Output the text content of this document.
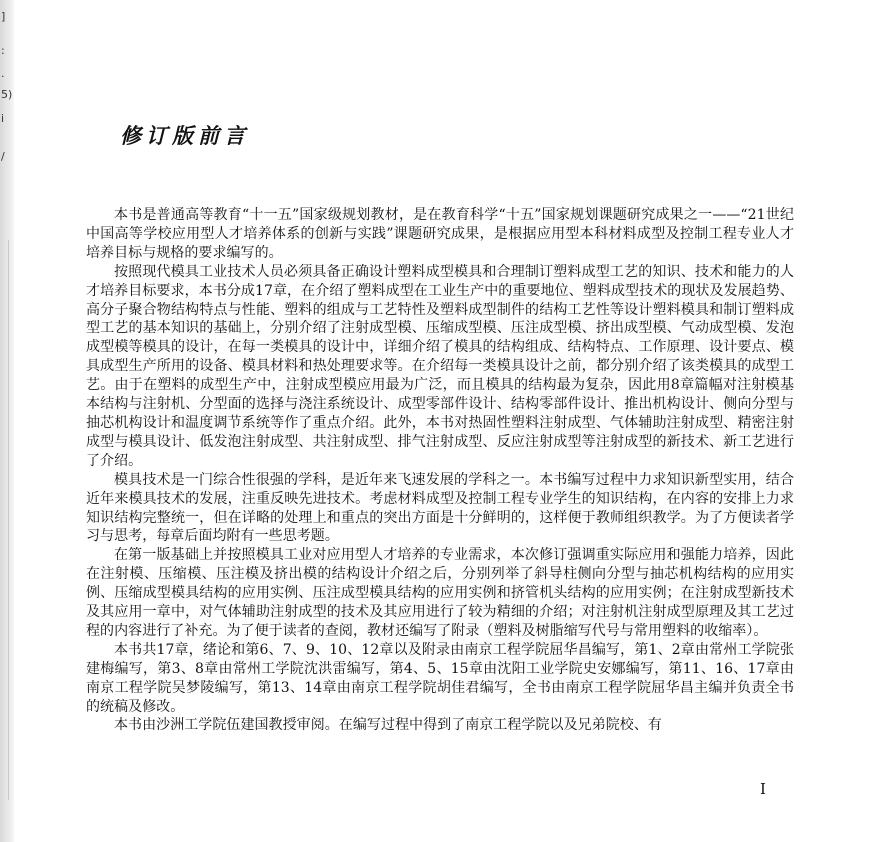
]
:
·
5)
i
/
修订版前言

本书是普通高等教育“十一五”国家级规划教材，是在教育科学“十五”国家规划课题研究成果之一——“21世纪中国高等学校应用型人才培养体系的创新与实践”课题研究成果，是根据应用型本科材料成型及控制工程专业人才培养目标与规格的要求编写的。

按照现代模具工业技术人员必须具备正确设计塑料成型模具和合理制订塑料成型工艺的知识、技术和能力的人才培养目标要求，本书分成17章，在介绍了塑料成型在工业生产中的重要地位、塑料成型技术的现状及发展趋势、高分子聚合物结构特点与性能、塑料的组成与工艺特性及塑料成型制件的结构工艺性等设计塑料模具和制订塑料成型工艺的基本知识的基础上，分别介绍了注射成型模、压缩成型模、压注成型模、挤出成型模、气动成型模、发泡成型模等模具的设计，在每一类模具的设计中，详细介绍了模具的结构组成、结构特点、工作原理、设计要点、模具成型生产所用的设备、模具材料和热处理要求等。在介绍每一类模具设计之前，都分别介绍了该类模具的成型工艺。由于在塑料的成型生产中，注射成型模应用最为广泛，而且模具的结构最为复杂，因此用8章篇幅对注射模基本结构与注射机、分型面的选择与浇注系统设计、成型零部件设计、结构零部件设计、推出机构设计、侧向分型与抽芯机构设计和温度调节系统等作了重点介绍。此外，本书对热固性塑料注射成型、气体辅助注射成型、精密注射成型与模具设计、低发泡注射成型、共注射成型、排气注射成型、反应注射成型等注射成型的新技术、新工艺进行了介绍。

模具技术是一门综合性很强的学科，是近年来飞速发展的学科之一。本书编写过程中力求知识新型实用，结合近年来模具技术的发展，注重反映先进技术。考虑材料成型及控制工程专业学生的知识结构，在内容的安排上力求知识结构完整统一，但在详略的处理上和重点的突出方面是十分鲜明的，这样便于教师组织教学。为了方便读者学习与思考，每章后面均附有一些思考题。

在第一版基础上并按照模具工业对应用型人才培养的专业需求，本次修订强调重实际应用和强能力培养，因此在注射模、压缩模、压注模及挤出模的结构设计介绍之后，分别列举了斜导柱侧向分型与抽芯机构结构的应用实例、压缩成型模具结构的应用实例、压注成型模具结构的应用实例和挤管机头结构的应用实例；在注射成型新技术及其应用一章中，对气体辅助注射成型的技术及其应用进行了较为精细的介绍；对注射机注射成型原理及其工艺过程的内容进行了补充。为了便于读者的查阅，教材还编写了附录（塑料及树脂缩写代号与常用塑料的收缩率）。

本书共17章，绪论和第6、7、9、10、12章以及附录由南京工程学院屈华昌编写，第1、2章由常州工学院张建梅编写，第3、8章由常州工学院沈洪雷编写，第4、5、15章由沈阳工业学院史安娜编写，第11、16、17章由南京工程学院吴梦陵编写，第13、14章由南京工程学院胡佳君编写，全书由南京工程学院屈华昌主编并负责全书的统稿及修改。

本书由沙洲工学院伍建国教授审阅。在编写过程中得到了南京工程学院以及兄弟院校、有

I
